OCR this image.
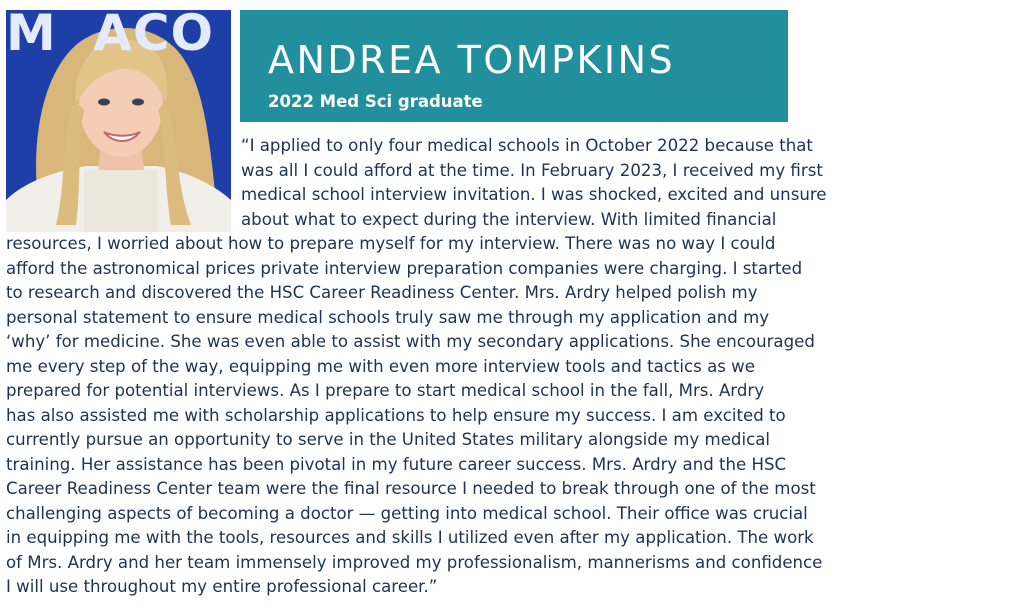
M ACO	ANDREA TOMPKINS

2022 Med Sci graduate

“I applied to only four medical schools in October 2022 because that

was all I could afford at the time. In February 2023, I received my first

medical school interview invitation. I was shocked, excited and unsure

about what to expect during the interview. With limited financial

resources, I worried about how to prepare myself for my interview. There was no way I could

afford the astronomical prices private interview preparation companies were charging. I started

to research and discovered the HSC Career Readiness Center. Mrs. Ardry helped polish my

personal statement to ensure medical schools truly saw me through my application and my

‘why’ for medicine. She was even able to assist with my secondary applications. She encouraged

me every step of the way, equipping me with even more interview tools and tactics as we

prepared for potential interviews. As I prepare to start medical school in the fall, Mrs. Ardry

has also assisted me with scholarship applications to help ensure my success. I am excited to

currently pursue an opportunity to serve in the United States military alongside my medical

training. Her assistance has been pivotal in my future career success. Mrs. Ardry and the HSC

Career Readiness Center team were the final resource I needed to break through one of the most

challenging aspects of becoming a doctor — getting into medical school. Their office was crucial

in equipping me with the tools, resources and skills I utilized even after my application. The work

of Mrs. Ardry and her team immensely improved my professionalism, mannerisms and confidence

I will use throughout my entire professional career.”
